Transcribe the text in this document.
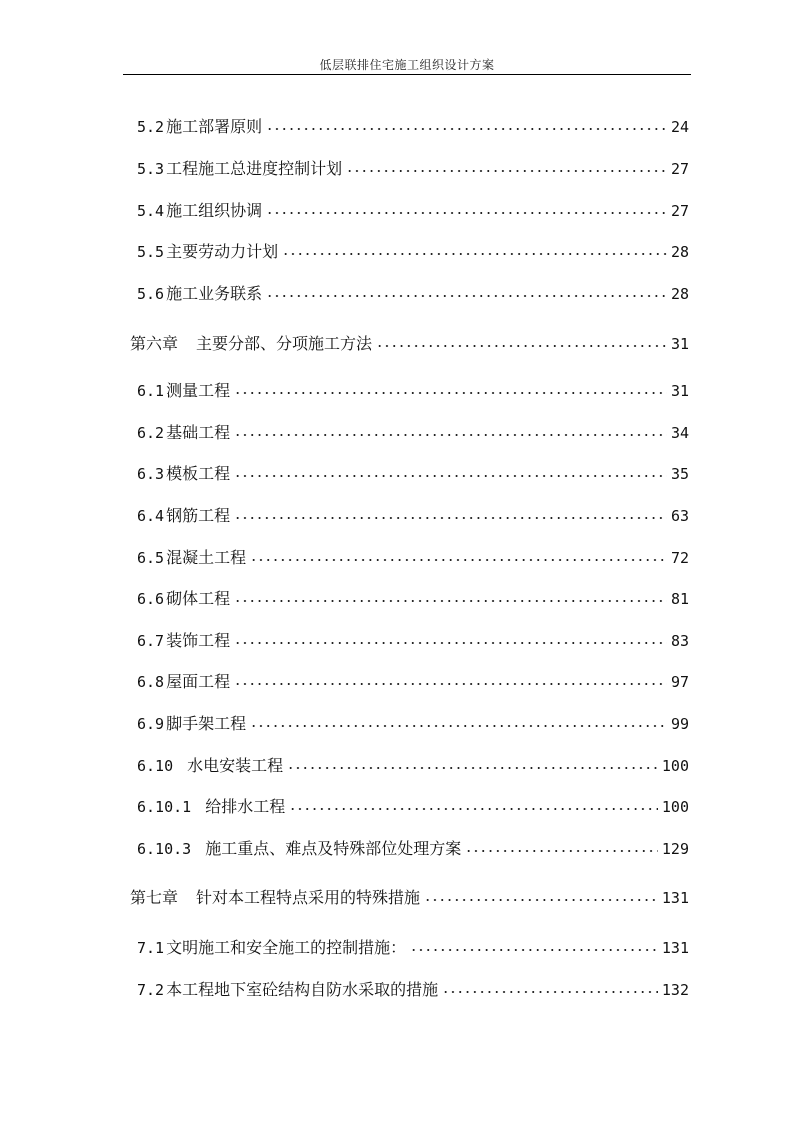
低层联排住宅施工组织设计方案
5.2 施工部署原则	24
5.3 工程施工总进度控制计划	27
5.4 施工组织协调	27
5.5 主要劳动力计划	28
5.6 施工业务联系	28
第六章 主要分部、分项施工方法	31
6.1 测量工程	31
6.2 基础工程	34
6.3 模板工程	35
6.4 钢筋工程	63
6.5 混凝土工程	72
6.6 砌体工程	81
6.7 装饰工程	83
6.8 屋面工程	97
6.9 脚手架工程	99
6.10 水电安装工程	100
6.10.1 给排水工程	100
6.10.3 施工重点、难点及特殊部位处理方案	129
第七章 针对本工程特点采用的特殊措施	131
7.1 文明施工和安全施工的控制措施：	131
7.2 本工程地下室砼结构自防水采取的措施	132
